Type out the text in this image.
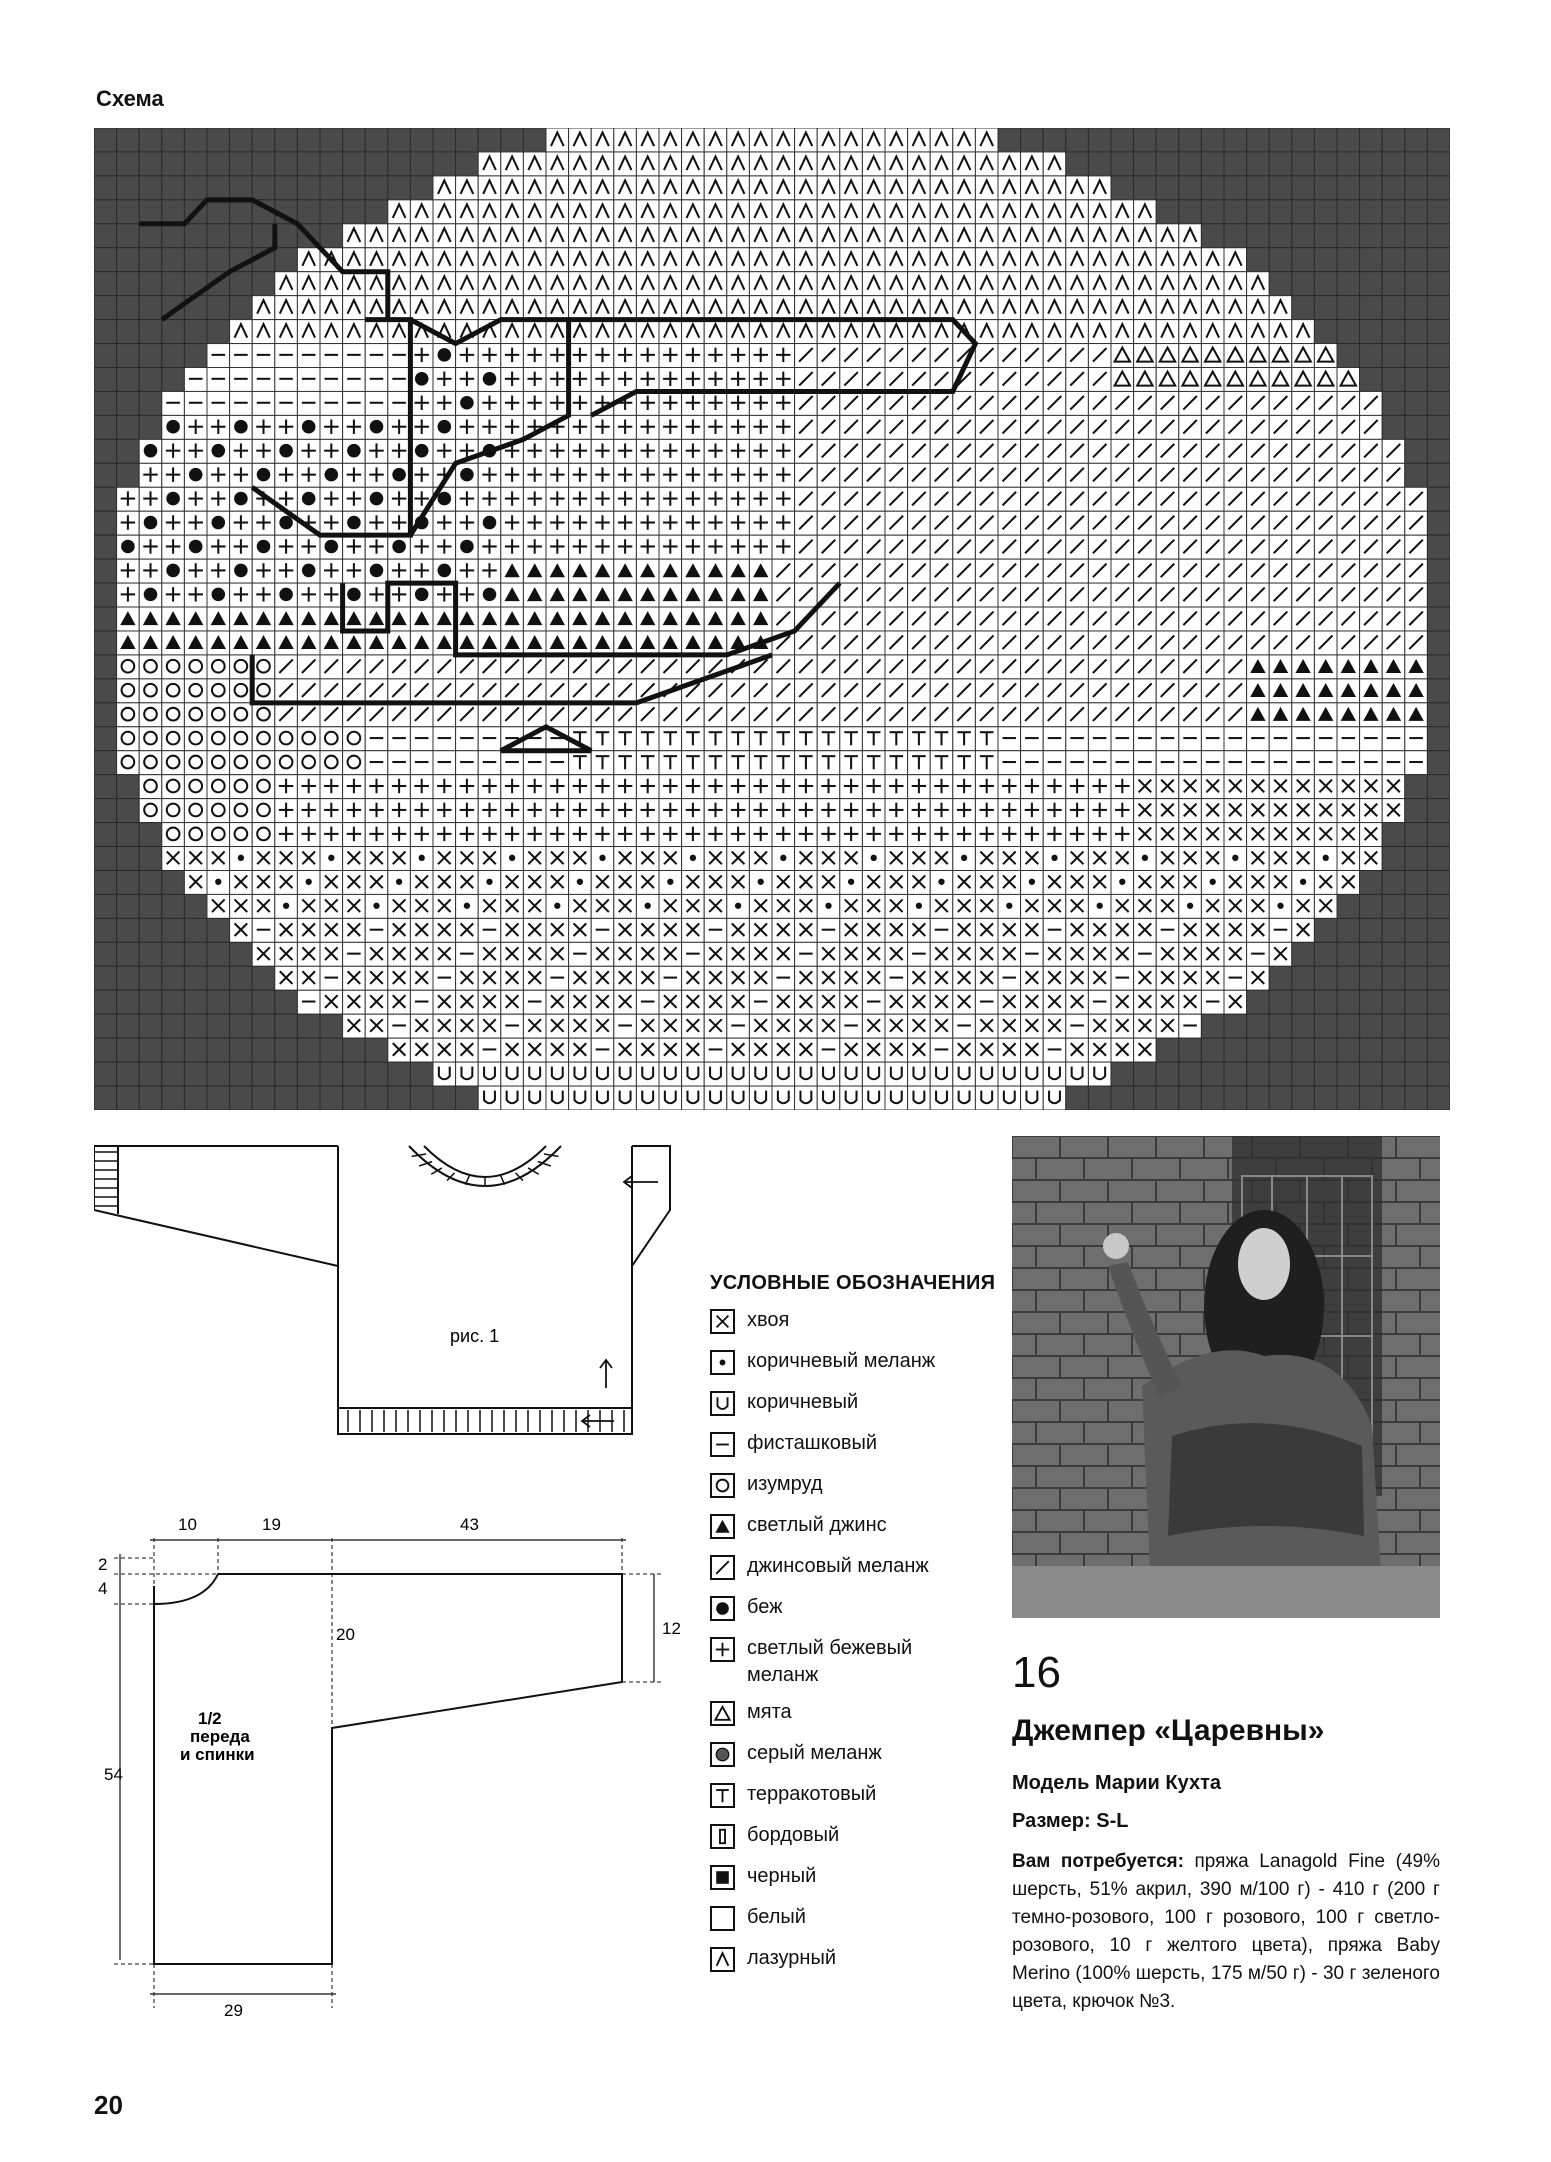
Схема
рис. 1
10	19	43
2
4
54
20	12
29
1/2
переда
и спинки
УСЛОВНЫЕ ОБОЗНАЧЕНИЯ
хвоя
коричневый меланж
коричневый
фисташковый
изумруд
светлый джинс
джинсовый меланж
беж
светлый бежевый меланж
мята
серый меланж
терракотовый
бордовый
черный
белый
лазурный
16
Джемпер «Царевны»
Модель Марии Кухта
Размер: S-L
Вам потребуется: пряжа Lanagold Fine (49% шерсть, 51% акрил, 390 м/100 г) - 410 г (200 г темно-розового, 100 г розового, 100 г светло-розового, 10 г желтого цвета), пряжа Baby Merino (100% шерсть, 175 м/50 г) - 30 г зеленого цвета, крючок №3.
20
